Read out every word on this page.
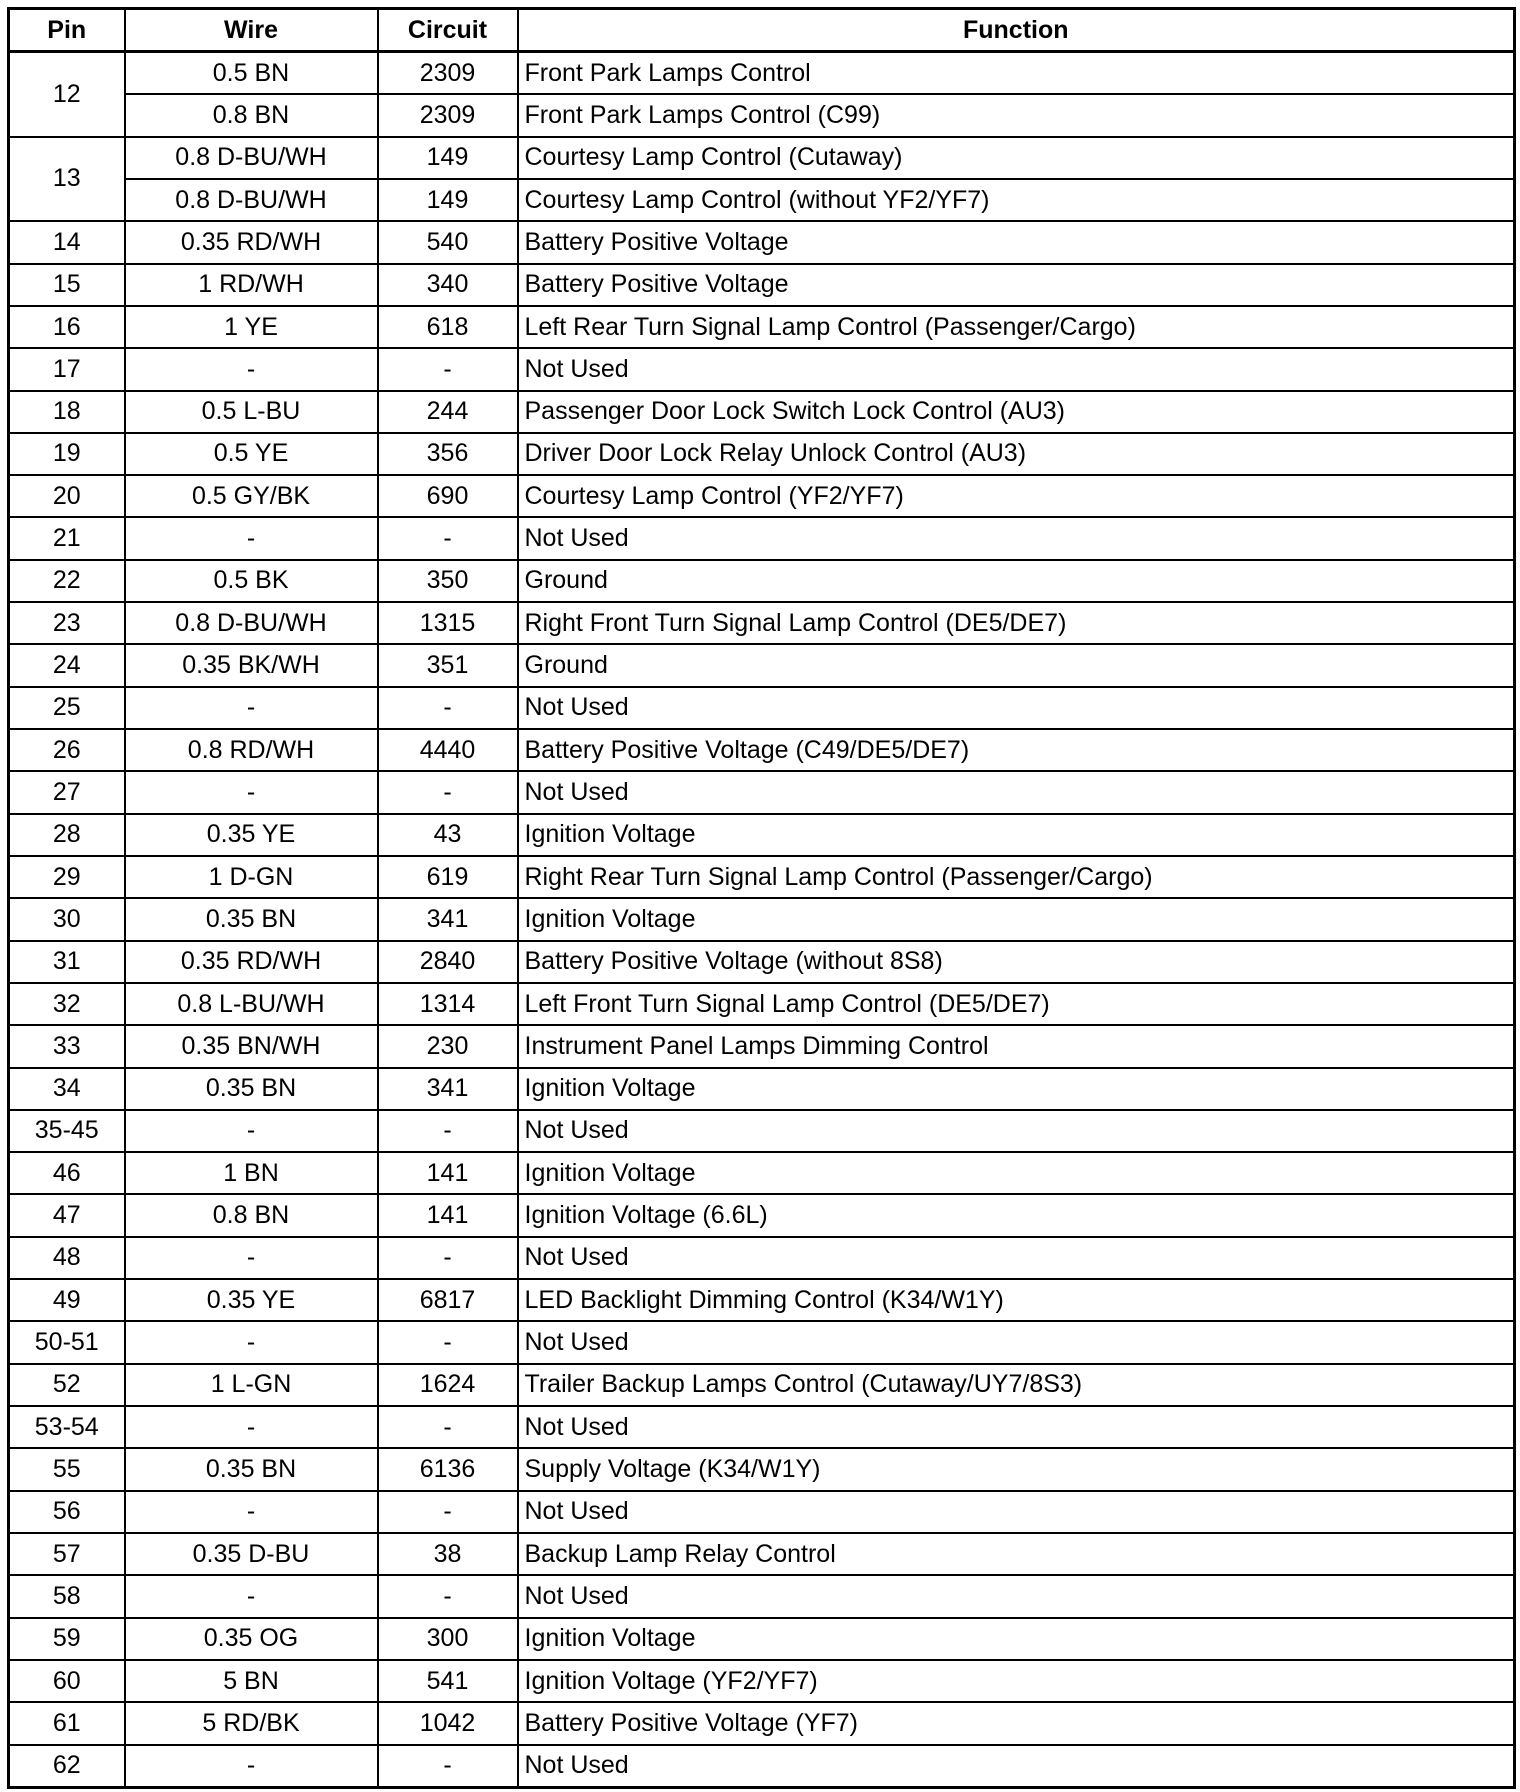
Pin	Wire	Circuit	Function
12	0.5 BN	2309	Front Park Lamps Control
	0.8 BN	2309	Front Park Lamps Control (C99)
13	0.8 D-BU/WH	149	Courtesy Lamp Control (Cutaway)
	0.8 D-BU/WH	149	Courtesy Lamp Control (without YF2/YF7)
14	0.35 RD/WH	540	Battery Positive Voltage
15	1 RD/WH	340	Battery Positive Voltage
16	1 YE	618	Left Rear Turn Signal Lamp Control (Passenger/Cargo)
17	-	-	Not Used
18	0.5 L-BU	244	Passenger Door Lock Switch Lock Control (AU3)
19	0.5 YE	356	Driver Door Lock Relay Unlock Control (AU3)
20	0.5 GY/BK	690	Courtesy Lamp Control (YF2/YF7)
21	-	-	Not Used
22	0.5 BK	350	Ground
23	0.8 D-BU/WH	1315	Right Front Turn Signal Lamp Control (DE5/DE7)
24	0.35 BK/WH	351	Ground
25	-	-	Not Used
26	0.8 RD/WH	4440	Battery Positive Voltage (C49/DE5/DE7)
27	-	-	Not Used
28	0.35 YE	43	Ignition Voltage
29	1 D-GN	619	Right Rear Turn Signal Lamp Control (Passenger/Cargo)
30	0.35 BN	341	Ignition Voltage
31	0.35 RD/WH	2840	Battery Positive Voltage (without 8S8)
32	0.8 L-BU/WH	1314	Left Front Turn Signal Lamp Control (DE5/DE7)
33	0.35 BN/WH	230	Instrument Panel Lamps Dimming Control
34	0.35 BN	341	Ignition Voltage
35-45	-	-	Not Used
46	1 BN	141	Ignition Voltage
47	0.8 BN	141	Ignition Voltage (6.6L)
48	-	-	Not Used
49	0.35 YE	6817	LED Backlight Dimming Control (K34/W1Y)
50-51	-	-	Not Used
52	1 L-GN	1624	Trailer Backup Lamps Control (Cutaway/UY7/8S3)
53-54	-	-	Not Used
55	0.35 BN	6136	Supply Voltage (K34/W1Y)
56	-	-	Not Used
57	0.35 D-BU	38	Backup Lamp Relay Control
58	-	-	Not Used
59	0.35 OG	300	Ignition Voltage
60	5 BN	541	Ignition Voltage (YF2/YF7)
61	5 RD/BK	1042	Battery Positive Voltage (YF7)
62	-	-	Not Used
